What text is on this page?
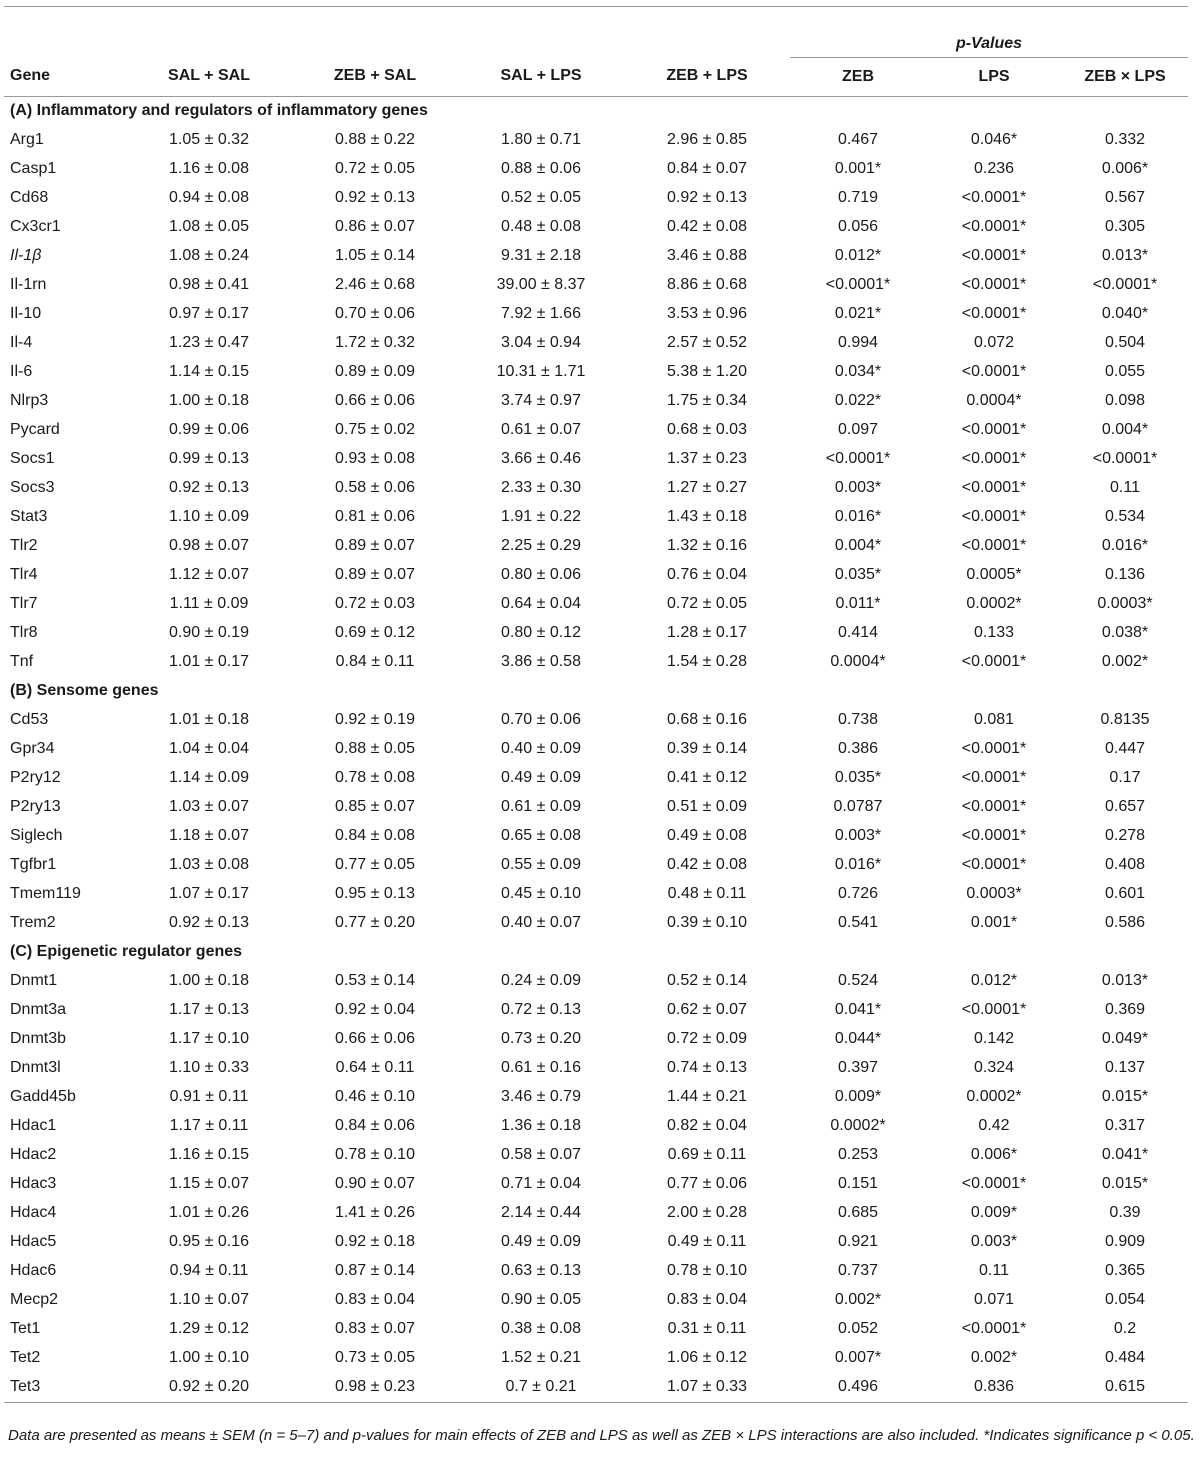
					p-Values		
Gene	SAL + SAL	ZEB + SAL	SAL + LPS	ZEB + LPS	ZEB	LPS	ZEB × LPS
(A) Inflammatory and regulators of inflammatory genes							
Arg1	1.05 ± 0.32	0.88 ± 0.22	1.80 ± 0.71	2.96 ± 0.85	0.467	0.046*	0.332
Casp1	1.16 ± 0.08	0.72 ± 0.05	0.88 ± 0.06	0.84 ± 0.07	0.001*	0.236	0.006*
Cd68	0.94 ± 0.08	0.92 ± 0.13	0.52 ± 0.05	0.92 ± 0.13	0.719	<0.0001*	0.567
Cx3cr1	1.08 ± 0.05	0.86 ± 0.07	0.48 ± 0.08	0.42 ± 0.08	0.056	<0.0001*	0.305
Il-1β	1.08 ± 0.24	1.05 ± 0.14	9.31 ± 2.18	3.46 ± 0.88	0.012*	<0.0001*	0.013*
Il-1rn	0.98 ± 0.41	2.46 ± 0.68	39.00 ± 8.37	8.86 ± 0.68	<0.0001*	<0.0001*	<0.0001*
Il-10	0.97 ± 0.17	0.70 ± 0.06	7.92 ± 1.66	3.53 ± 0.96	0.021*	<0.0001*	0.040*
Il-4	1.23 ± 0.47	1.72 ± 0.32	3.04 ± 0.94	2.57 ± 0.52	0.994	0.072	0.504
Il-6	1.14 ± 0.15	0.89 ± 0.09	10.31 ± 1.71	5.38 ± 1.20	0.034*	<0.0001*	0.055
Nlrp3	1.00 ± 0.18	0.66 ± 0.06	3.74 ± 0.97	1.75 ± 0.34	0.022*	0.0004*	0.098
Pycard	0.99 ± 0.06	0.75 ± 0.02	0.61 ± 0.07	0.68 ± 0.03	0.097	<0.0001*	0.004*
Socs1	0.99 ± 0.13	0.93 ± 0.08	3.66 ± 0.46	1.37 ± 0.23	<0.0001*	<0.0001*	<0.0001*
Socs3	0.92 ± 0.13	0.58 ± 0.06	2.33 ± 0.30	1.27 ± 0.27	0.003*	<0.0001*	0.11
Stat3	1.10 ± 0.09	0.81 ± 0.06	1.91 ± 0.22	1.43 ± 0.18	0.016*	<0.0001*	0.534
Tlr2	0.98 ± 0.07	0.89 ± 0.07	2.25 ± 0.29	1.32 ± 0.16	0.004*	<0.0001*	0.016*
Tlr4	1.12 ± 0.07	0.89 ± 0.07	0.80 ± 0.06	0.76 ± 0.04	0.035*	0.0005*	0.136
Tlr7	1.11 ± 0.09	0.72 ± 0.03	0.64 ± 0.04	0.72 ± 0.05	0.011*	0.0002*	0.0003*
Tlr8	0.90 ± 0.19	0.69 ± 0.12	0.80 ± 0.12	1.28 ± 0.17	0.414	0.133	0.038*
Tnf	1.01 ± 0.17	0.84 ± 0.11	3.86 ± 0.58	1.54 ± 0.28	0.0004*	<0.0001*	0.002*
(B) Sensome genes							
Cd53	1.01 ± 0.18	0.92 ± 0.19	0.70 ± 0.06	0.68 ± 0.16	0.738	0.081	0.8135
Gpr34	1.04 ± 0.04	0.88 ± 0.05	0.40 ± 0.09	0.39 ± 0.14	0.386	<0.0001*	0.447
P2ry12	1.14 ± 0.09	0.78 ± 0.08	0.49 ± 0.09	0.41 ± 0.12	0.035*	<0.0001*	0.17
P2ry13	1.03 ± 0.07	0.85 ± 0.07	0.61 ± 0.09	0.51 ± 0.09	0.0787	<0.0001*	0.657
Siglech	1.18 ± 0.07	0.84 ± 0.08	0.65 ± 0.08	0.49 ± 0.08	0.003*	<0.0001*	0.278
Tgfbr1	1.03 ± 0.08	0.77 ± 0.05	0.55 ± 0.09	0.42 ± 0.08	0.016*	<0.0001*	0.408
Tmem119	1.07 ± 0.17	0.95 ± 0.13	0.45 ± 0.10	0.48 ± 0.11	0.726	0.0003*	0.601
Trem2	0.92 ± 0.13	0.77 ± 0.20	0.40 ± 0.07	0.39 ± 0.10	0.541	0.001*	0.586
(C) Epigenetic regulator genes							
Dnmt1	1.00 ± 0.18	0.53 ± 0.14	0.24 ± 0.09	0.52 ± 0.14	0.524	0.012*	0.013*
Dnmt3a	1.17 ± 0.13	0.92 ± 0.04	0.72 ± 0.13	0.62 ± 0.07	0.041*	<0.0001*	0.369
Dnmt3b	1.17 ± 0.10	0.66 ± 0.06	0.73 ± 0.20	0.72 ± 0.09	0.044*	0.142	0.049*
Dnmt3l	1.10 ± 0.33	0.64 ± 0.11	0.61 ± 0.16	0.74 ± 0.13	0.397	0.324	0.137
Gadd45b	0.91 ± 0.11	0.46 ± 0.10	3.46 ± 0.79	1.44 ± 0.21	0.009*	0.0002*	0.015*
Hdac1	1.17 ± 0.11	0.84 ± 0.06	1.36 ± 0.18	0.82 ± 0.04	0.0002*	0.42	0.317
Hdac2	1.16 ± 0.15	0.78 ± 0.10	0.58 ± 0.07	0.69 ± 0.11	0.253	0.006*	0.041*
Hdac3	1.15 ± 0.07	0.90 ± 0.07	0.71 ± 0.04	0.77 ± 0.06	0.151	<0.0001*	0.015*
Hdac4	1.01 ± 0.26	1.41 ± 0.26	2.14 ± 0.44	2.00 ± 0.28	0.685	0.009*	0.39
Hdac5	0.95 ± 0.16	0.92 ± 0.18	0.49 ± 0.09	0.49 ± 0.11	0.921	0.003*	0.909
Hdac6	0.94 ± 0.11	0.87 ± 0.14	0.63 ± 0.13	0.78 ± 0.10	0.737	0.11	0.365
Mecp2	1.10 ± 0.07	0.83 ± 0.04	0.90 ± 0.05	0.83 ± 0.04	0.002*	0.071	0.054
Tet1	1.29 ± 0.12	0.83 ± 0.07	0.38 ± 0.08	0.31 ± 0.11	0.052	<0.0001*	0.2
Tet2	1.00 ± 0.10	0.73 ± 0.05	1.52 ± 0.21	1.06 ± 0.12	0.007*	0.002*	0.484
Tet3	0.92 ± 0.20	0.98 ± 0.23	0.7 ± 0.21	1.07 ± 0.33	0.496	0.836	0.615
Data are presented as means ± SEM (n = 5–7) and p-values for main effects of ZEB and LPS as well as ZEB × LPS interactions are also included. *Indicates significance p < 0.05.
